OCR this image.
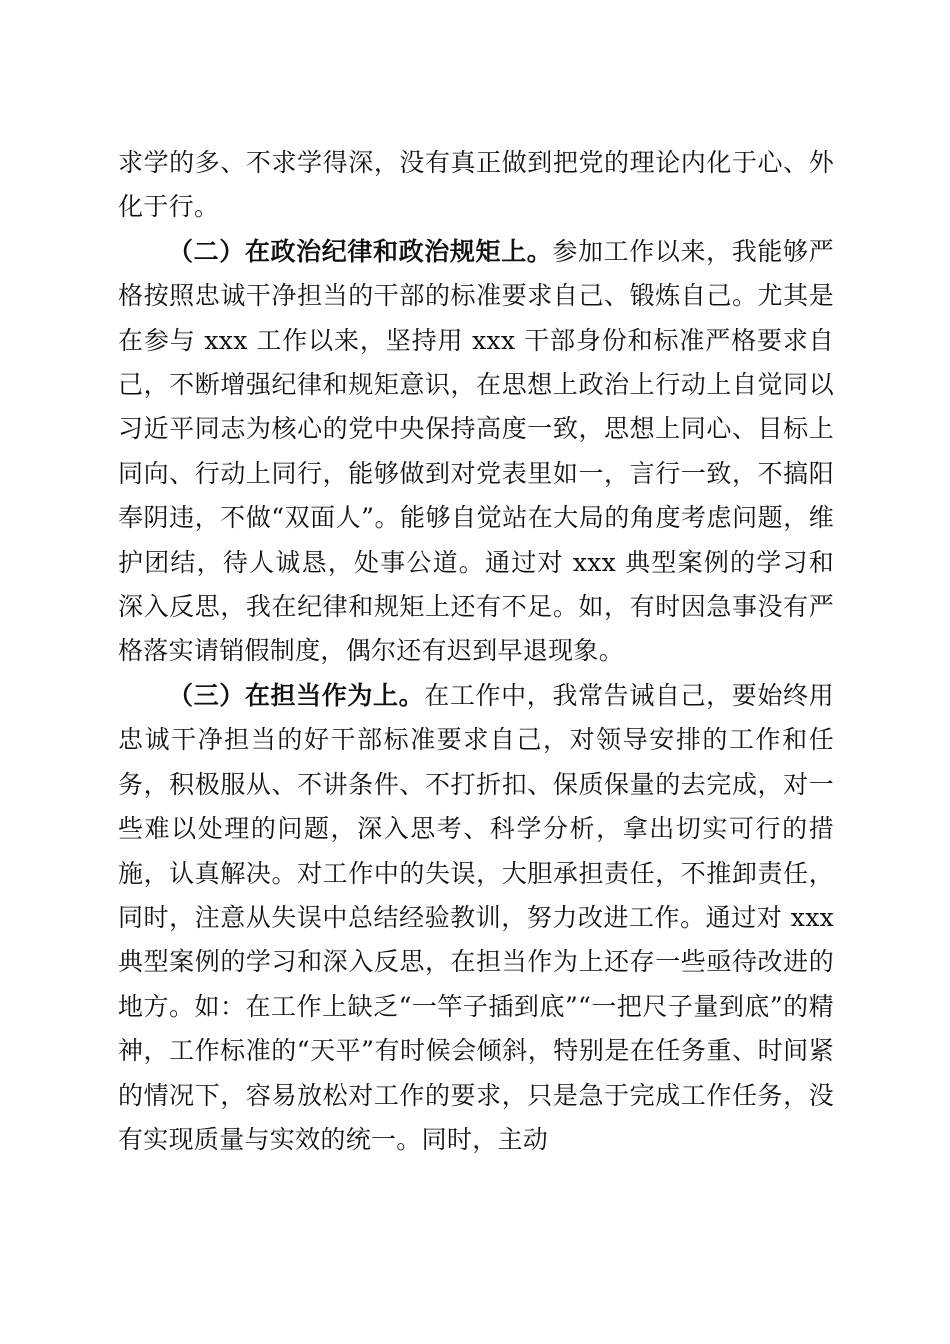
求学的多、不求学得深，没有真正做到把党的理论内化于心、外化于行。

（二）在政治纪律和政治规矩上。参加工作以来，我能够严格按照忠诚干净担当的干部的标准要求自己、锻炼自己。尤其是在参与 xxx 工作以来，坚持用 xxx 干部身份和标准严格要求自己，不断增强纪律和规矩意识，在思想上政治上行动上自觉同以习近平同志为核心的党中央保持高度一致，思想上同心、目标上同向、行动上同行，能够做到对党表里如一，言行一致，不搞阳奉阴违，不做“双面人”。能够自觉站在大局的角度考虑问题，维护团结，待人诚恳，处事公道。通过对 xxx 典型案例的学习和深入反思，我在纪律和规矩上还有不足。如，有时因急事没有严格落实请销假制度，偶尔还有迟到早退现象。

（三）在担当作为上。在工作中，我常告诫自己，要始终用忠诚干净担当的好干部标准要求自己，对领导安排的工作和任务，积极服从、不讲条件、不打折扣、保质保量的去完成，对一些难以处理的问题，深入思考、科学分析，拿出切实可行的措施，认真解决。对工作中的失误，大胆承担责任，不推卸责任，同时，注意从失误中总结经验教训，努力改进工作。通过对 xxx 典型案例的学习和深入反思，在担当作为上还存一些亟待改进的地方。如：在工作上缺乏“一竿子插到底”“一把尺子量到底”的精神，工作标准的“天平”有时候会倾斜，特别是在任务重、时间紧的情况下，容易放松对工作的要求，只是急于完成工作任务，没有实现质量与实效的统一。同时，主动
